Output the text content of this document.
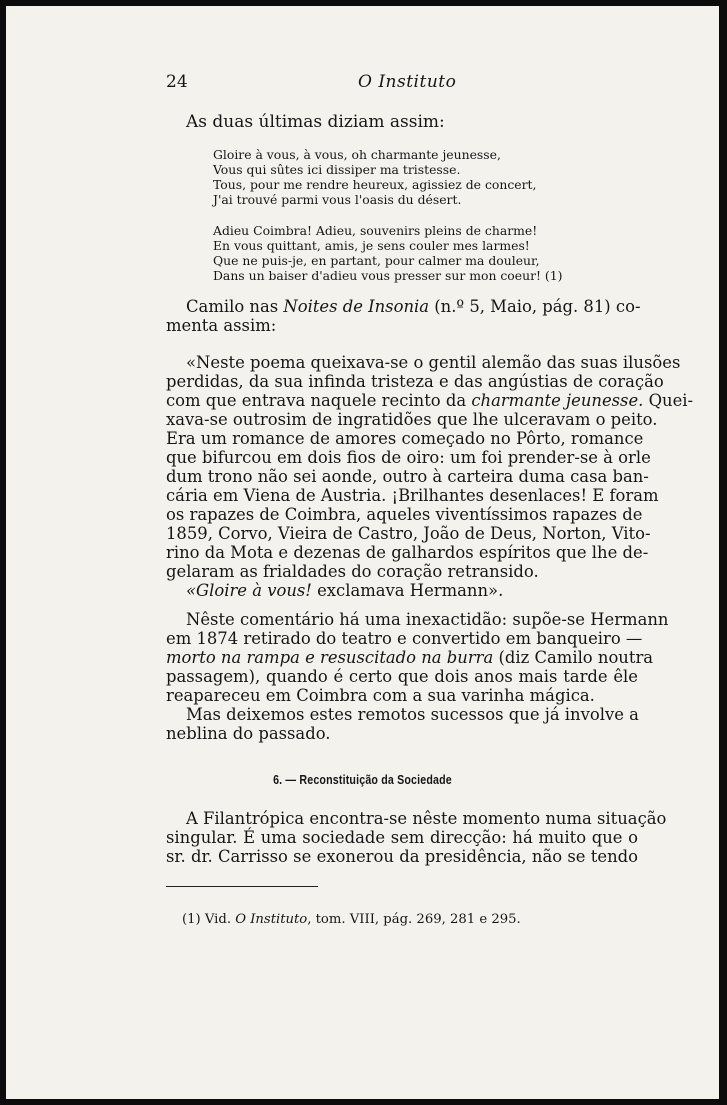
24	O Instituto

As duas últimas diziam assim:

Gloire à vous, à vous, oh charmante jeunesse,
Vous qui sûtes ici dissiper ma tristesse.
Tous, pour me rendre heureux, agissiez de concert,
J'ai trouvé parmi vous l'oasis du désert.
Adieu Coimbra! Adieu, souvenirs pleins de charme!
En vous quittant, amis, je sens couler mes larmes!
Que ne puis-je, en partant, pour calmer ma douleur,
Dans un baiser d'adieu vous presser sur mon coeur! (1)
Camilo nas Noites de Insonia (n.º 5, Maio, pág. 81) co-
menta assim:
«Neste poema queixava-se o gentil alemão das suas ilusões
perdidas, da sua infinda tristeza e das angústias de coração
com que entrava naquele recinto da charmante jeunesse. Quei-
xava-se outrosim de ingratidões que lhe ulceravam o peito.
Era um romance de amores começado no Pôrto, romance
que bifurcou em dois fios de oiro: um foi prender-se à orle
dum trono não sei aonde, outro à carteira duma casa ban-
cária em Viena de Austria. ¡Brilhantes desenlaces! E foram
os rapazes de Coimbra, aqueles viventíssimos rapazes de
1859, Corvo, Vieira de Castro, João de Deus, Norton, Vito-
rino da Mota e dezenas de galhardos espíritos que lhe de-
gelaram as frialdades do coração retransido.
«Gloire à vous! exclamava Hermann».
Nêste comentário há uma inexactidão: supõe-se Hermann
em 1874 retirado do teatro e convertido em banqueiro —
morto na rampa e resuscitado na burra (diz Camilo noutra
passagem), quando é certo que dois anos mais tarde êle
reapareceu em Coimbra com a sua varinha mágica.
Mas deixemos estes remotos sucessos que já involve a
neblina do passado.
6. — Reconstituição da Sociedade
A Filantrópica encontra-se nêste momento numa situação
singular. É uma sociedade sem direcção: há muito que o
sr. dr. Carrisso se exonerou da presidência, não se tendo

(1) Vid. O Instituto, tom. VIII, pág. 269, 281 e 295.
